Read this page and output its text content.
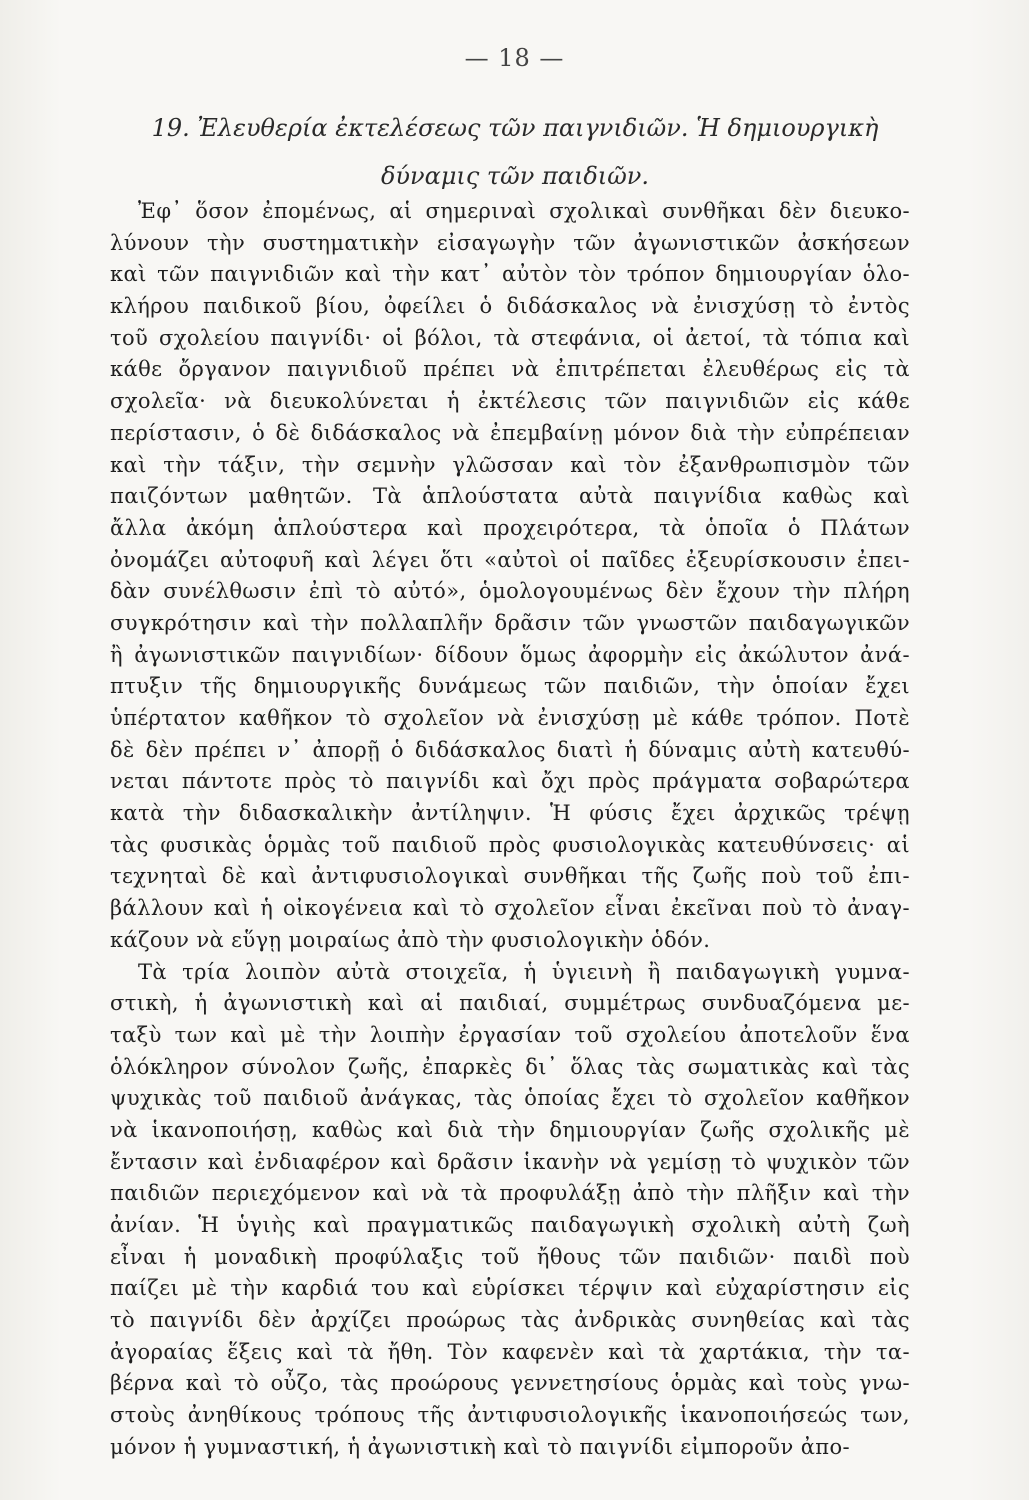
— 18 —
19. Ἐλευθερία ἐκτελέσεως τῶν παιγνιδιῶν. Ἡ δημιουργικὴ
δύναμις τῶν παιδιῶν.
Ἐφ᾿ ὅσον ἐπομένως, αἱ σημεριναὶ σχολικαὶ συνθῆκαι δὲν διευκο-
λύνουν τὴν συστηματικὴν εἰσαγωγὴν τῶν ἀγωνιστικῶν ἀσκήσεων
καὶ τῶν παιγνιδιῶν καὶ τὴν κατ᾿ αὐτὸν τὸν τρόπον δημιουργίαν ὁλο-
κλήρου παιδικοῦ βίου, ὀφείλει ὁ διδάσκαλος νὰ ἐνισχύσῃ τὸ ἐντὸς
τοῦ σχολείου παιγνίδι· οἱ βόλοι, τὰ στεφάνια, οἱ ἀετοί, τὰ τόπια καὶ
κάθε ὄργανον παιγνιδιοῦ πρέπει νὰ ἐπιτρέπεται ἐλευθέρως εἰς τὰ
σχολεῖα· νὰ διευκολύνεται ἡ ἐκτέλεσις τῶν παιγνιδιῶν εἰς κάθε
περίστασιν, ὁ δὲ διδάσκαλος νὰ ἐπεμβαίνῃ μόνον διὰ τὴν εὐπρέπειαν
καὶ τὴν τάξιν, τὴν σεμνὴν γλῶσσαν καὶ τὸν ἐξανθρωπισμὸν τῶν
παιζόντων μαθητῶν. Τὰ ἁπλούστατα αὐτὰ παιγνίδια καθὼς καὶ
ἄλλα ἀκόμη ἁπλούστερα καὶ προχειρότερα, τὰ ὁποῖα ὁ Πλάτων
ὀνομάζει αὐτοφυῆ καὶ λέγει ὅτι «αὐτοὶ οἱ παῖδες ἐξευρίσκουσιν ἐπει-
δὰν συνέλθωσιν ἐπὶ τὸ αὐτό», ὁμολογουμένως δὲν ἔχουν τὴν πλήρη
συγκρότησιν καὶ τὴν πολλαπλῆν δρᾶσιν τῶν γνωστῶν παιδαγωγικῶν
ἢ ἀγωνιστικῶν παιγνιδίων· δίδουν ὅμως ἀφορμὴν εἰς ἀκώλυτον ἀνά-
πτυξιν τῆς δημιουργικῆς δυνάμεως τῶν παιδιῶν, τὴν ὁποίαν ἔχει
ὑπέρτατον καθῆκον τὸ σχολεῖον νὰ ἐνισχύσῃ μὲ κάθε τρόπον. Ποτὲ
δὲ δὲν πρέπει ν᾿ ἀπορῇ ὁ διδάσκαλος διατὶ ἡ δύναμις αὐτὴ κατευθύ-
νεται πάντοτε πρὸς τὸ παιγνίδι καὶ ὄχι πρὸς πράγματα σοβαρώτερα
κατὰ τὴν διδασκαλικὴν ἀντίληψιν. Ἡ φύσις ἔχει ἀρχικῶς τρέψῃ
τὰς φυσικὰς ὁρμὰς τοῦ παιδιοῦ πρὸς φυσιολογικὰς κατευθύνσεις· αἱ
τεχνηταὶ δὲ καὶ ἀντιφυσιολογικαὶ συνθῆκαι τῆς ζωῆς ποὺ τοῦ ἐπι-
βάλλουν καὶ ἡ οἰκογένεια καὶ τὸ σχολεῖον εἶναι ἐκεῖναι ποὺ τὸ ἀναγ-
κάζουν νὰ εὕγῃ μοιραίως ἀπὸ τὴν φυσιολογικὴν ὁδόν.
Τὰ τρία λοιπὸν αὐτὰ στοιχεῖα, ἡ ὑγιεινὴ ἢ παιδαγωγικὴ γυμνα-
στικὴ, ἡ ἀγωνιστικὴ καὶ αἱ παιδιαί, συμμέτρως συνδυαζόμενα με-
ταξὺ των καὶ μὲ τὴν λοιπὴν ἐργασίαν τοῦ σχολείου ἀποτελοῦν ἕνα
ὁλόκληρον σύνολον ζωῆς, ἐπαρκὲς δι᾿ ὅλας τὰς σωματικὰς καὶ τὰς
ψυχικὰς τοῦ παιδιοῦ ἀνάγκας, τὰς ὁποίας ἔχει τὸ σχολεῖον καθῆκον
νὰ ἱκανοποιήσῃ, καθὼς καὶ διὰ τὴν δημιουργίαν ζωῆς σχολικῆς μὲ
ἔντασιν καὶ ἐνδιαφέρον καὶ δρᾶσιν ἱκανὴν νὰ γεμίσῃ τὸ ψυχικὸν τῶν
παιδιῶν περιεχόμενον καὶ νὰ τὰ προφυλάξῃ ἀπὸ τὴν πλῆξιν καὶ τὴν
ἀνίαν. Ἡ ὑγιὴς καὶ πραγματικῶς παιδαγωγικὴ σχολικὴ αὐτὴ ζωὴ
εἶναι ἡ μοναδικὴ προφύλαξις τοῦ ἤθους τῶν παιδιῶν· παιδὶ ποὺ
παίζει μὲ τὴν καρδιά του καὶ εὑρίσκει τέρψιν καὶ εὐχαρίστησιν εἰς
τὸ παιγνίδι δὲν ἀρχίζει προώρως τὰς ἀνδρικὰς συνηθείας καὶ τὰς
ἀγοραίας ἕξεις καὶ τὰ ἤθη. Τὸν καφενὲν καὶ τὰ χαρτάκια, τὴν τα-
βέρνα καὶ τὸ οὖζο, τὰς προώρους γεννετησίους ὁρμὰς καὶ τοὺς γνω-
στοὺς ἀνηθίκους τρόπους τῆς ἀντιφυσιολογικῆς ἱκανοποιήσεώς των,
μόνον ἡ γυμναστική, ἡ ἀγωνιστικὴ καὶ τὸ παιγνίδι εἰμποροῦν ἀπο-
